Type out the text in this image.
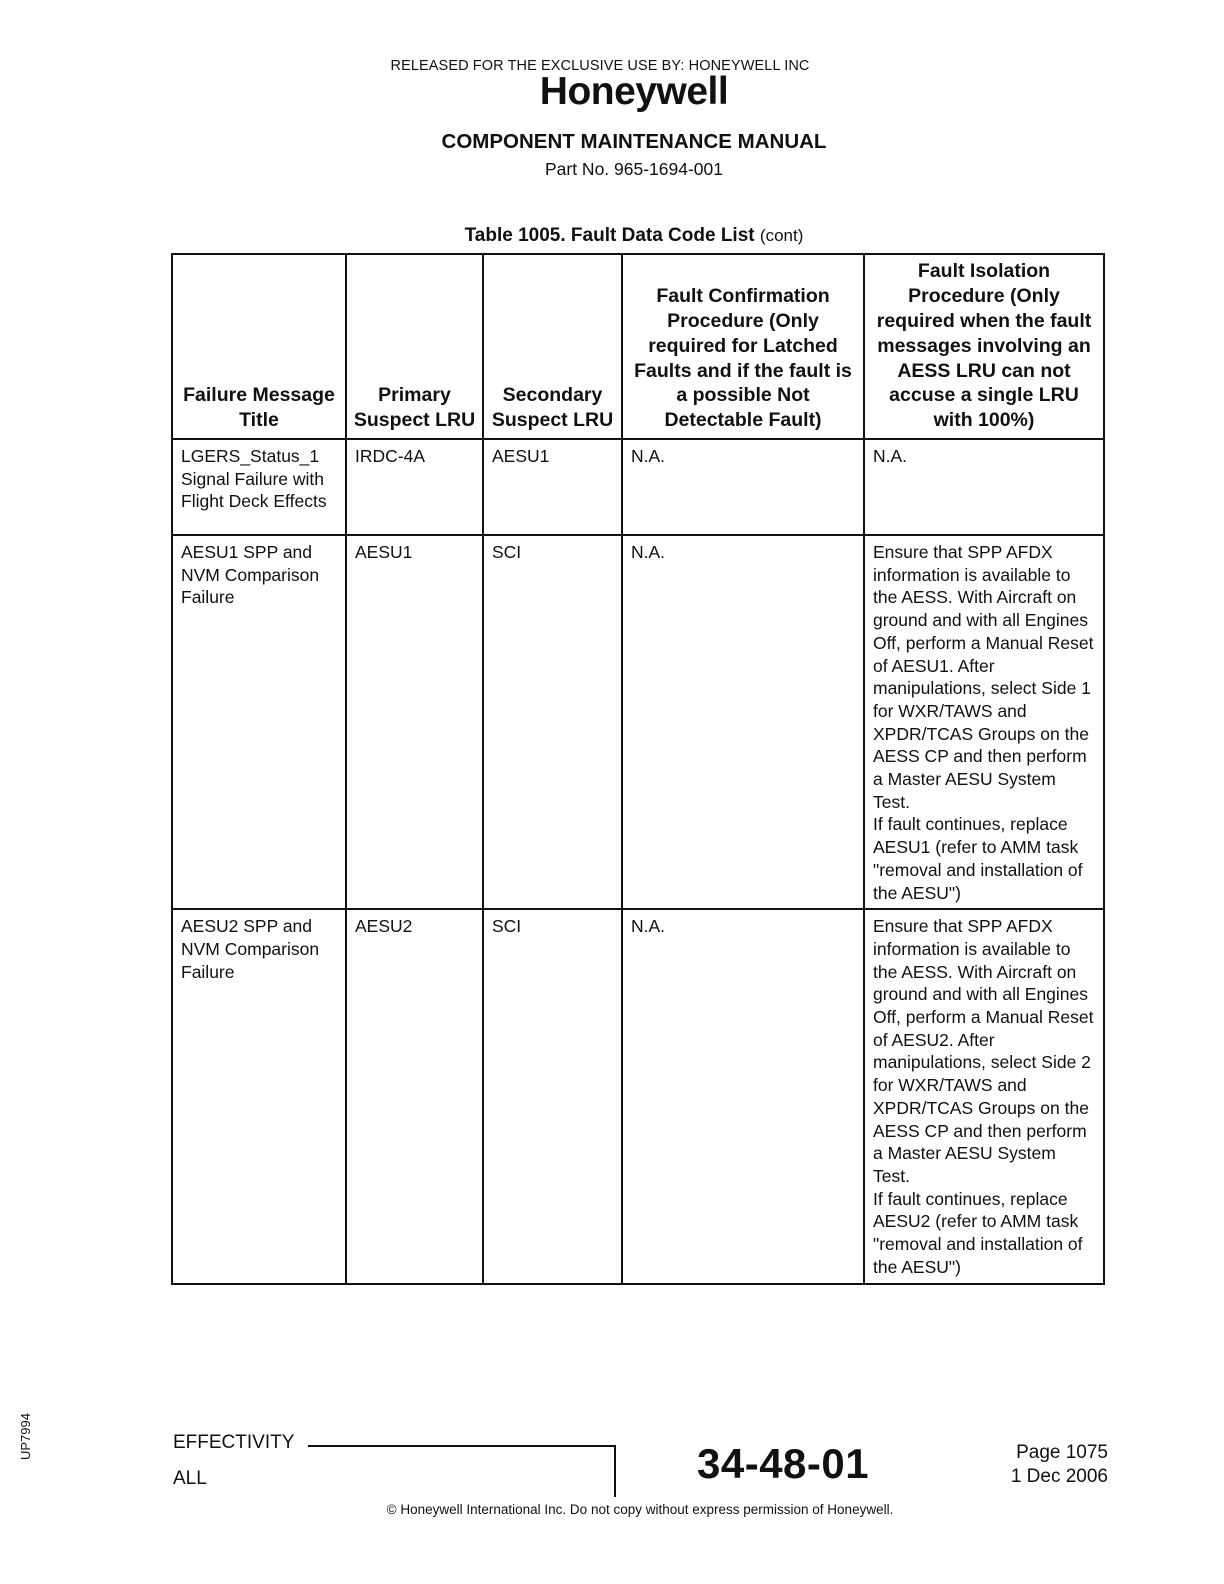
RELEASED FOR THE EXCLUSIVE USE BY: HONEYWELL INC
Honeywell
COMPONENT MAINTENANCE MANUAL
Part No. 965-1694-001
Table 1005. Fault Data Code List (cont)
Failure Message Title	Primary Suspect LRU	Secondary Suspect LRU	Fault Confirmation Procedure (Only required for Latched Faults and if the fault is a possible Not Detectable Fault)	Fault Isolation Procedure (Only required when the fault messages involving an AESS LRU can not accuse a single LRU with 100%)
LGERS_Status_1 Signal Failure with Flight Deck Effects	IRDC-4A	AESU1	N.A.	N.A.
AESU1 SPP and NVM Comparison Failure	AESU1	SCI	N.A.	Ensure that SPP AFDX information is available to the AESS. With Aircraft on ground and with all Engines Off, perform a Manual Reset of AESU1. After manipulations, select Side 1 for WXR/TAWS and XPDR/TCAS Groups on the AESS CP and then perform a Master AESU System Test.
If fault continues, replace AESU1 (refer to AMM task "removal and installation of the AESU")

AESU2 SPP and NVM Comparison Failure	AESU2	SCI	N.A.	Ensure that SPP AFDX information is available to the AESS. With Aircraft on ground and with all Engines Off, perform a Manual Reset of AESU2. After manipulations, select Side 2 for WXR/TAWS and XPDR/TCAS Groups on the AESS CP and then perform a Master AESU System Test.
If fault continues, replace AESU2 (refer to AMM task "removal and installation of the AESU")
UP7994	EFFECTIVITY
ALL	34-48-01	Page 1075
1 Dec 2006
© Honeywell International Inc. Do not copy without express permission of Honeywell.
